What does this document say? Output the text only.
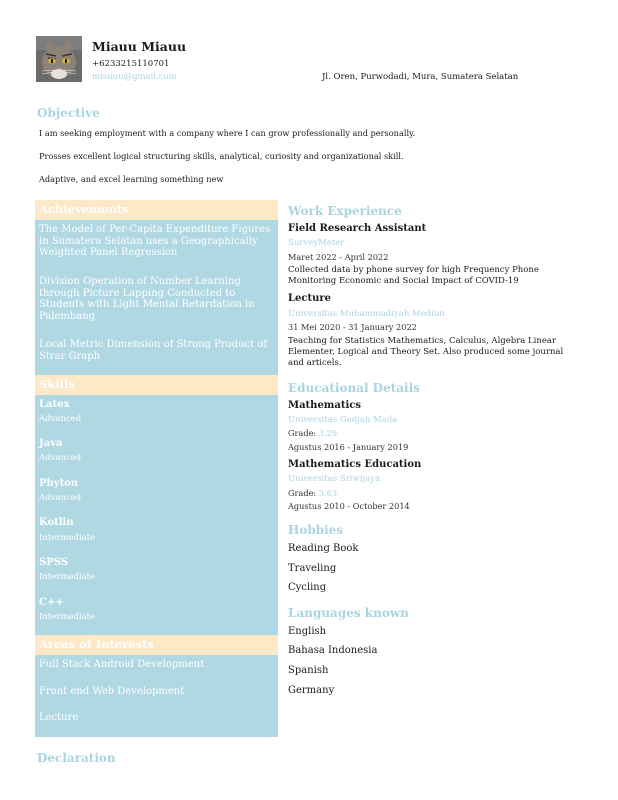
Miauu Miauu
+6233215110701
misuuu@gmail.com	Jl. Oren, Purwodadi, Mura, Sumatera Selatan
Objective
I am seeking employment with a company where I can grow professionally and personally.
Prosses excellent logical structuring skills, analytical, curiosity and organizational skill.
Adaptive, and excel learning something new
Achievements
The Model of Per-Capita Expenditure Figures in Sumatera Selatan uses a Geographically Weighted Panel Regression
Division Operation of Number Learning through Picture Lapping Conducted to Students with Light Mental Retardation in Palembang
Local Metric Dimension of Strong Product of Strar Graph
Skills
Latex
Advanced
Java
Advanced
Phyton
Advanced
Kotlin
Intermediate
SPSS
Intermediate
C++
Intermediate
Areas of Interests
Full Stack Android Development
Front end Web Development
Lecture
Work Experience
Field Research Assistant
SurveyMeter
Maret 2022 - April 2022
Collected data by phone survey for high Frequency Phone Monitoring Economic and Social Impact of COVID-19
Lecture
Universitas Muhammadiyah Mediun
31 Mei 2020 - 31 January 2022
Teaching for Statistics Mathematics, Calculus, Algebra Linear Elementer, Logical and Theory Set. Also produced some journal and articels.
Educational Details
Mathematics
Universitas Gadjah Mada
Grade: 3.29
Agustus 2016 - January 2019
Mathematics Education
Universitas Sriwijaya
Grade: 3.63
Agustus 2010 - October 2014
Hobbies
Reading Book
Traveling
Cycling
Languages known
English
Bahasa Indonesia
Spanish
Germany
Declaration
